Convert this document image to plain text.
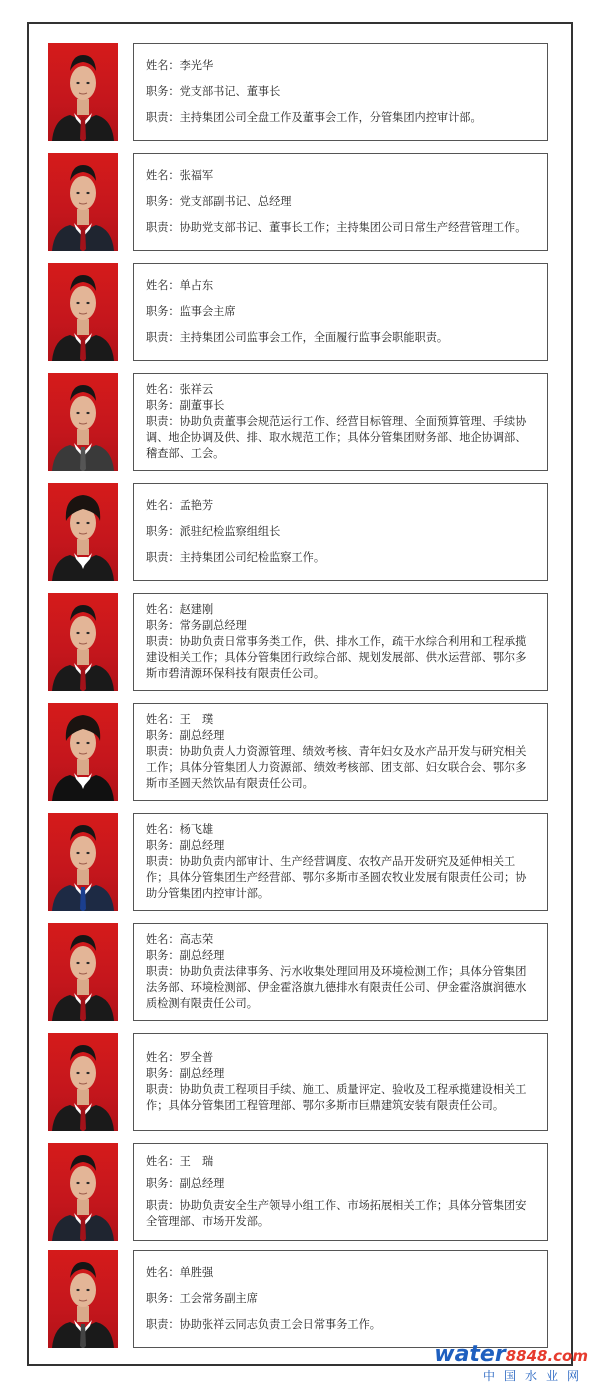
姓名：李光华
职务：党支部书记、董事长
职责：主持集团公司全盘工作及董事会工作，分管集团内控审计部。
姓名：张福军
职务：党支部副书记、总经理
职责：协助党支部书记、董事长工作；主持集团公司日常生产经营管理工作。
姓名：单占东
职务：监事会主席
职责：主持集团公司监事会工作，全面履行监事会职能职责。
姓名：张祥云
职务：副董事长
职责：协助负责董事会规范运行工作、经营目标管理、全面预算管理、手续协调、地企协调及供、排、取水规范工作；具体分管集团财务部、地企协调部、稽查部、工会。
姓名：孟艳芳
职务：派驻纪检监察组组长
职责：主持集团公司纪检监察工作。
姓名：赵建刚
职务：常务副总经理
职责：协助负责日常事务类工作，供、排水工作，疏干水综合利用和工程承揽建设相关工作；具体分管集团行政综合部、规划发展部、供水运营部、鄂尔多斯市碧清源环保科技有限责任公司。
姓名：王　璞
职务：副总经理
职责：协助负责人力资源管理、绩效考核、青年妇女及水产品开发与研究相关工作；具体分管集团人力资源部、绩效考核部、团支部、妇女联合会、鄂尔多斯市圣圆天然饮品有限责任公司。
姓名：杨飞雄
职务：副总经理
职责：协助负责内部审计、生产经营调度、农牧产品开发研究及延伸相关工作；具体分管集团生产经营部、鄂尔多斯市圣圆农牧业发展有限责任公司；协助分管集团内控审计部。
姓名：高志荣
职务：副总经理
职责：协助负责法律事务、污水收集处理回用及环境检测工作；具体分管集团法务部、环境检测部、伊金霍洛旗九德排水有限责任公司、伊金霍洛旗润德水质检测有限责任公司。
姓名：罗全普
职务：副总经理
职责：协助负责工程项目手续、施工、质量评定、验收及工程承揽建设相关工作；具体分管集团工程管理部、鄂尔多斯市巨鼎建筑安装有限责任公司。
姓名：王　瑞
职务：副总经理
职责：协助负责安全生产领导小组工作、市场拓展相关工作；具体分管集团安全管理部、市场开发部。
姓名：单胜强
职务：工会常务副主席
职责：协助张祥云同志负责工会日常事务工作。
water8848.com
中国水业网
